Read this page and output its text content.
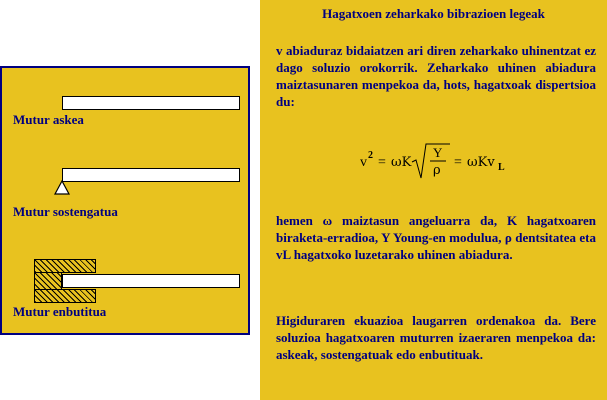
Mutur askea
Mutur sostengatua
Mutur enbutitua
Hagatxoen zeharkako bibrazioen legeak

v abiaduraz bidaiatzen ari diren zeharkako uhinentzat ez dago soluzio orokorrik. Zeharkako uhinen abiadura maiztasunaren menpekoa da, hots, hagatxoak dispertsioa du:

v 2 = ωK
Y
ρ
= ωKv L

hemen ω maiztasun angeluarra da, K hagatxoaren biraketa-erradioa, Y Young-en modulua, ρ dentsitatea eta vL hagatxoko luzetarako uhinen abiadura.

Higiduraren ekuazioa laugarren ordenakoa da. Bere soluzioa hagatxoaren muturren izaeraren menpekoa da: askeak, sostengatuak edo enbutituak.
